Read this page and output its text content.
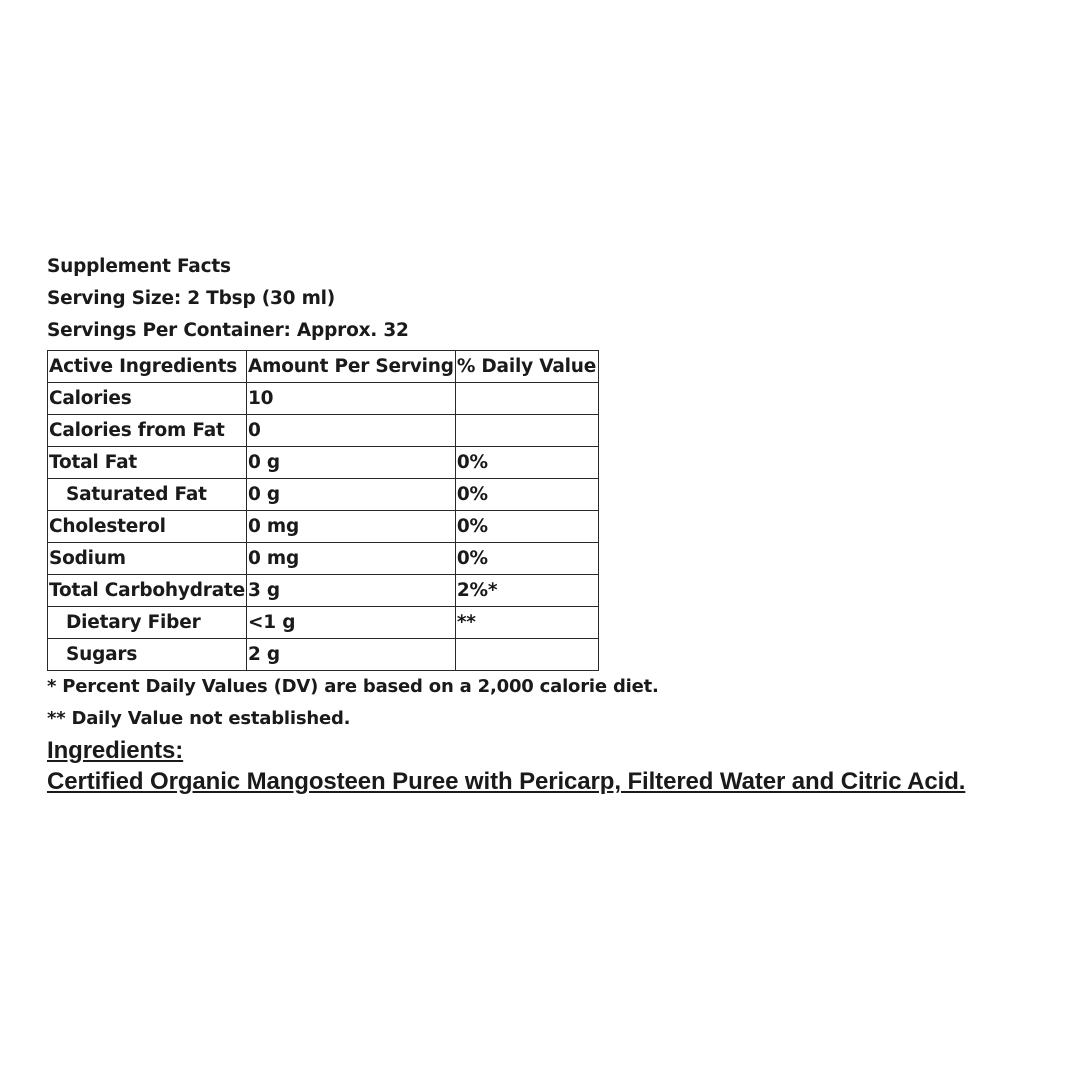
Supplement Facts
Serving Size: 2 Tbsp (30 ml)
Servings Per Container: Approx. 32
Active Ingredients	Amount Per Serving	% Daily Value
Calories	10	
Calories from Fat	0	
Total Fat	0 g	0%
Saturated Fat	0 g	0%
Cholesterol	0 mg	0%
Sodium	0 mg	0%
Total Carbohydrate	3 g	2%*
Dietary Fiber	<1 g	**
Sugars	2 g	
* Percent Daily Values (DV) are based on a 2,000 calorie diet.
** Daily Value not established.
Ingredients:
Certified Organic Mangosteen Puree with Pericarp, Filtered Water and Citric Acid.
